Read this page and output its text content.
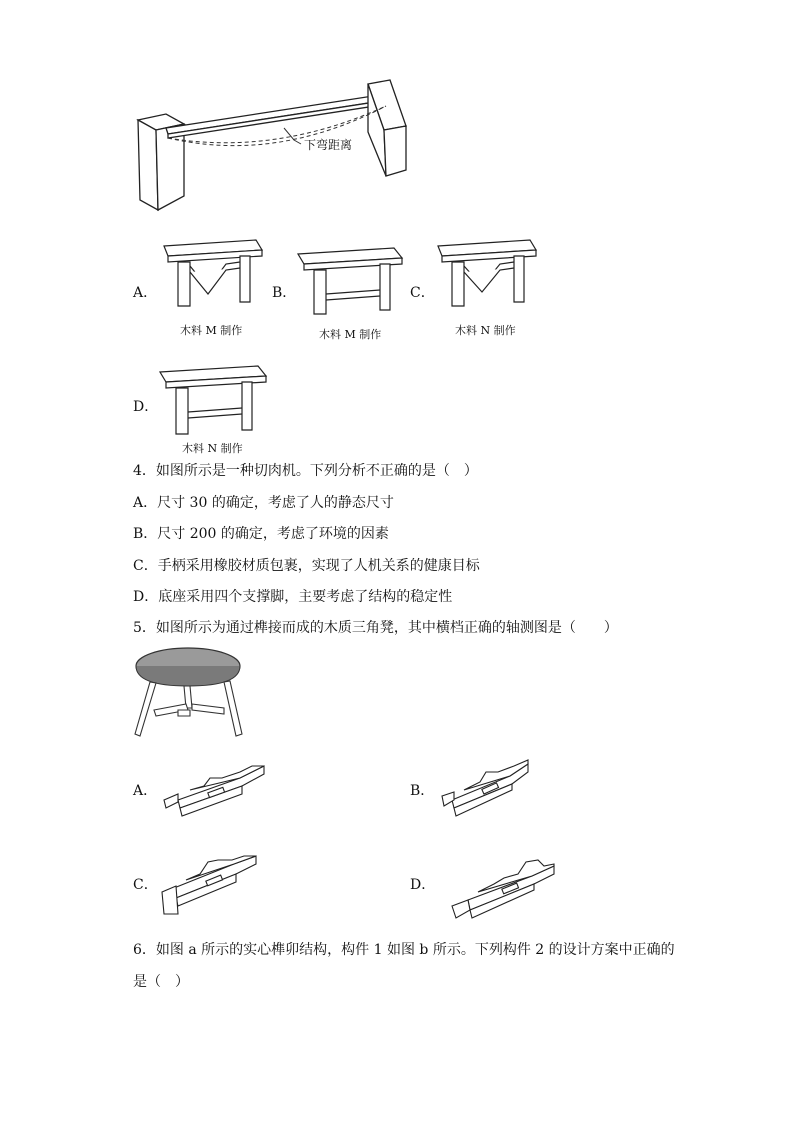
下弯距离
A．
木料 M 制作
B．
木料 M 制作
C．
木料 N 制作
D．
木料 N 制作
4．如图所示是一种切肉机。下列分析不正确的是（　）
A．尺寸 30 的确定，考虑了人的静态尺寸
B．尺寸 200 的确定，考虑了环境的因素
C．手柄采用橡胶材质包裹，实现了人机关系的健康目标
D．底座采用四个支撑脚，主要考虑了结构的稳定性
5．如图所示为通过榫接而成的木质三角凳，其中横档正确的轴测图是（　　）
A．	B．
C．	D．
6．如图 a 所示的实心榫卯结构，构件 1 如图 b 所示。下列构件 2 的设计方案中正确的
是（　）
